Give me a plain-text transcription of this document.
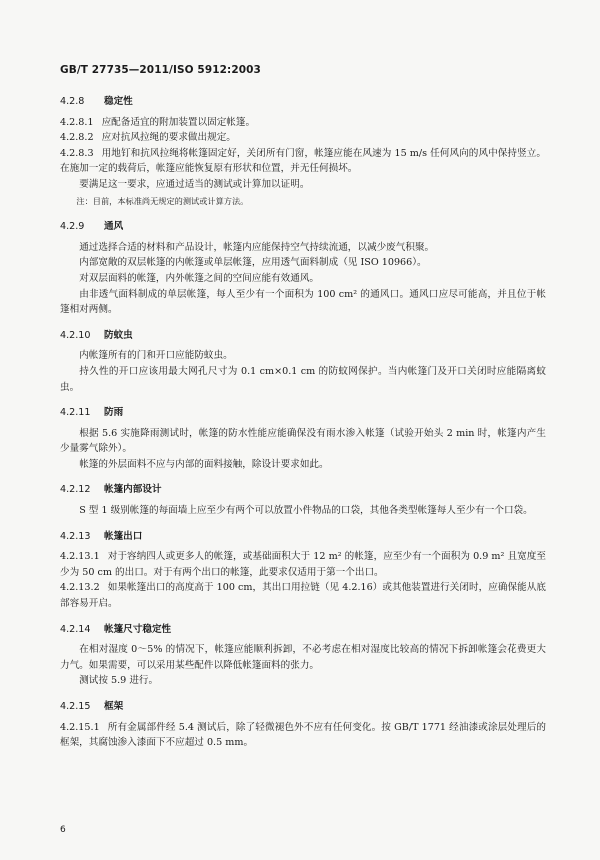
GB/T 27735—2011/ISO 5912:2003
4.2.8 稳定性
4.2.8.1 应配备适宜的附加装置以固定帐篷。
4.2.8.2 应对抗风拉绳的要求做出规定。
4.2.8.3 用地钉和抗风拉绳将帐篷固定好，关闭所有门窗，帐篷应能在风速为 15 m/s 任何风向的风中保持竖立。在施加一定的载荷后，帐篷应能恢复原有形状和位置，并无任何损坏。
要满足这一要求，应通过适当的测试或计算加以证明。
注：目前，本标准尚无规定的测试或计算方法。
4.2.9 通风
通过选择合适的材料和产品设计，帐篷内应能保持空气持续流通，以减少废气积聚。
内部宽敞的双层帐篷的内帐篷或单层帐篷，应用透气面料制成（见 ISO 10966）。
对双层面料的帐篷，内外帐篷之间的空间应能有效通风。
由非透气面料制成的单层帐篷，每人至少有一个面积为 100 cm² 的通风口。通风口应尽可能高，并且位于帐篷相对两侧。
4.2.10 防蚊虫
内帐篷所有的门和开口应能防蚊虫。
持久性的开口应该用最大网孔尺寸为 0.1 cm×0.1 cm 的防蚊网保护。当内帐篷门及开口关闭时应能隔离蚊虫。
4.2.11 防雨
根据 5.6 实施降雨测试时，帐篷的防水性能应能确保没有雨水渗入帐篷（试验开始头 2 min 时，帐篷内产生少量雾气除外）。
帐篷的外层面料不应与内部的面料接触，除设计要求如此。
4.2.12 帐篷内部设计
S 型 1 级别帐篷的每面墙上应至少有两个可以放置小件物品的口袋，其他各类型帐篷每人至少有一个口袋。
4.2.13 帐篷出口
4.2.13.1 对于容纳四人或更多人的帐篷，或基础面积大于 12 m² 的帐篷，应至少有一个面积为 0.9 m² 且宽度至少为 50 cm 的出口。对于有两个出口的帐篷，此要求仅适用于第一个出口。
4.2.13.2 如果帐篷出口的高度高于 100 cm，其出口用拉链（见 4.2.16）或其他装置进行关闭时，应确保能从底部容易开启。
4.2.14 帐篷尺寸稳定性
在相对湿度 0～5% 的情况下，帐篷应能顺利拆卸，不必考虑在相对湿度比较高的情况下拆卸帐篷会花费更大力气。如果需要，可以采用某些配件以降低帐篷面料的张力。
测试按 5.9 进行。
4.2.15 框架
4.2.15.1 所有金属部件经 5.4 测试后，除了轻微褪色外不应有任何变化。按 GB/T 1771 经油漆或涂层处理后的框架，其腐蚀渗入漆面下不应超过 0.5 mm。
6
